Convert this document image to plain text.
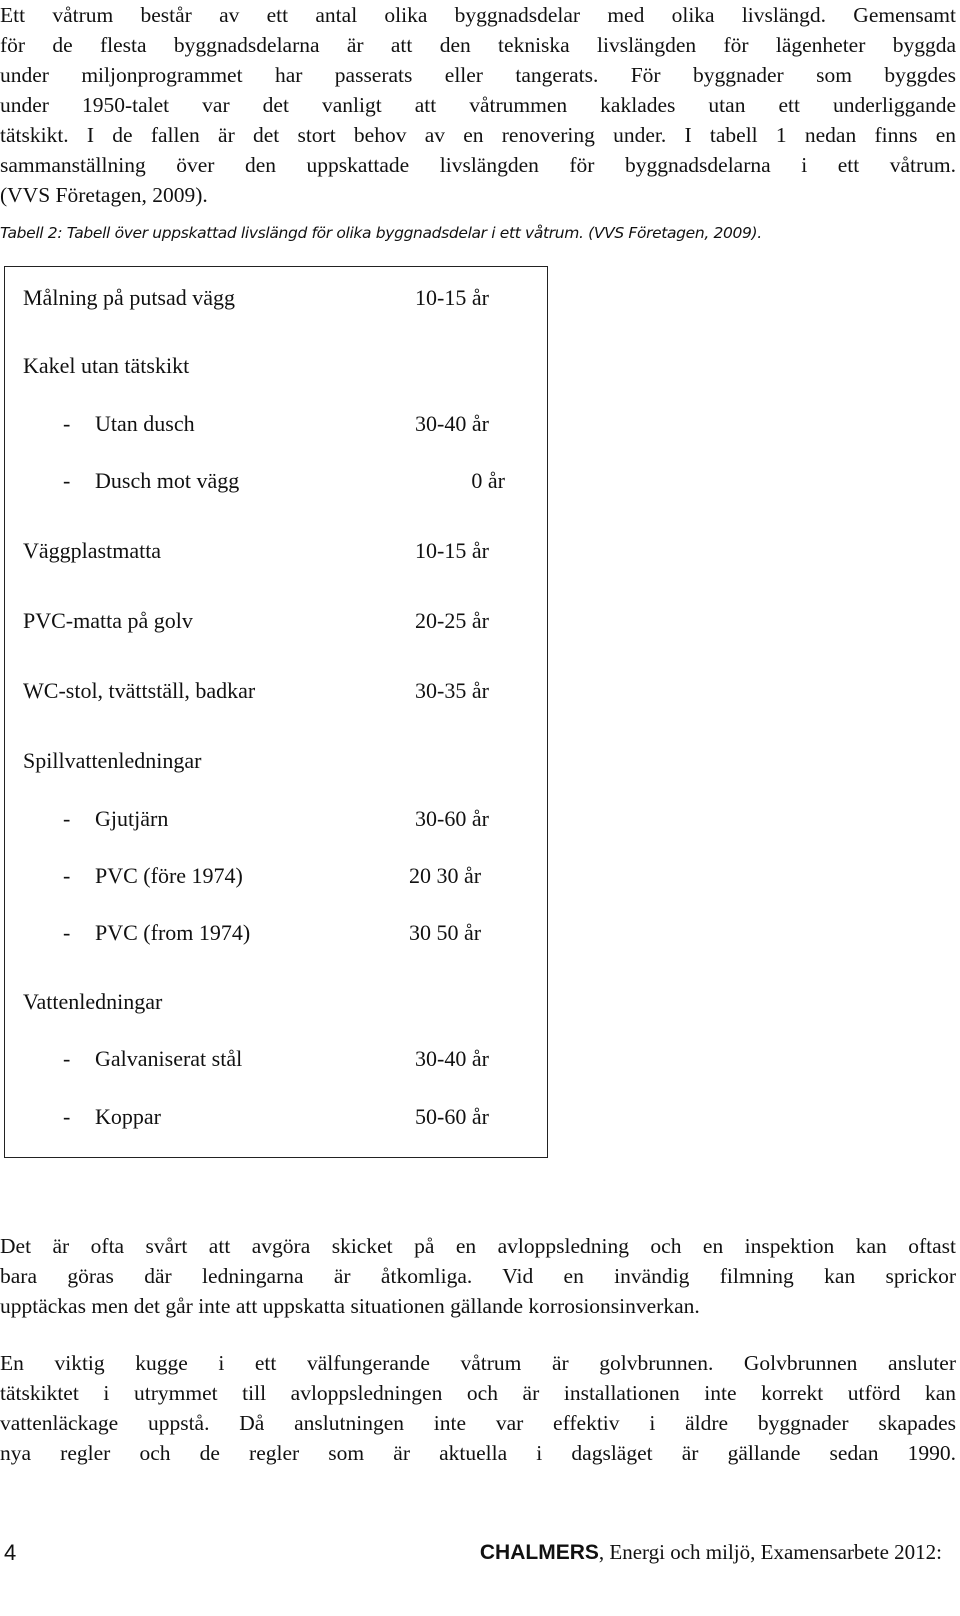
Ett våtrum består av ett antal olika byggnadsdelar med olika livslängd. Gemensamt
för de flesta byggnadsdelarna är att den tekniska livslängden för lägenheter byggda
under miljonprogrammet har passerats eller tangerats. För byggnader som byggdes
under 1950-talet var det vanligt att våtrummen kaklades utan ett underliggande
tätskikt. I de fallen är det stort behov av en renovering under. I tabell 1 nedan finns en
sammanställning över den uppskattade livslängden för byggnadsdelarna i ett våtrum.
(VVS Företagen, 2009).
Tabell 2: Tabell över uppskattad livslängd för olika byggnadsdelar i ett våtrum. (VVS Företagen, 2009).
Målning på putsad vägg	10-15 år
Kakel utan tätskikt
- Utan dusch	30-40 år
- Dusch mot vägg	0 år
Väggplastmatta	10-15 år
PVC-matta på golv	20-25 år
WC-stol, tvättställ, badkar	30-35 år
Spillvattenledningar
- Gjutjärn	30-60 år
- PVC (före 1974)	20 30 år
- PVC (from 1974)	30 50 år
Vattenledningar
- Galvaniserat stål	30-40 år
- Koppar	50-60 år
Det är ofta svårt att avgöra skicket på en avloppsledning och en inspektion kan oftast
bara göras där ledningarna är åtkomliga. Vid en invändig filmning kan sprickor
upptäckas men det går inte att uppskatta situationen gällande korrosionsinverkan.
En viktig kugge i ett välfungerande våtrum är golvbrunnen. Golvbrunnen ansluter
tätskiktet i utrymmet till avloppsledningen och är installationen inte korrekt utförd kan
vattenläckage uppstå. Då anslutningen inte var effektiv i äldre byggnader skapades
nya regler och de regler som är aktuella i dagsläget är gällande sedan 1990.
4	CHALMERS, Energi och miljö, Examensarbete 2012:
